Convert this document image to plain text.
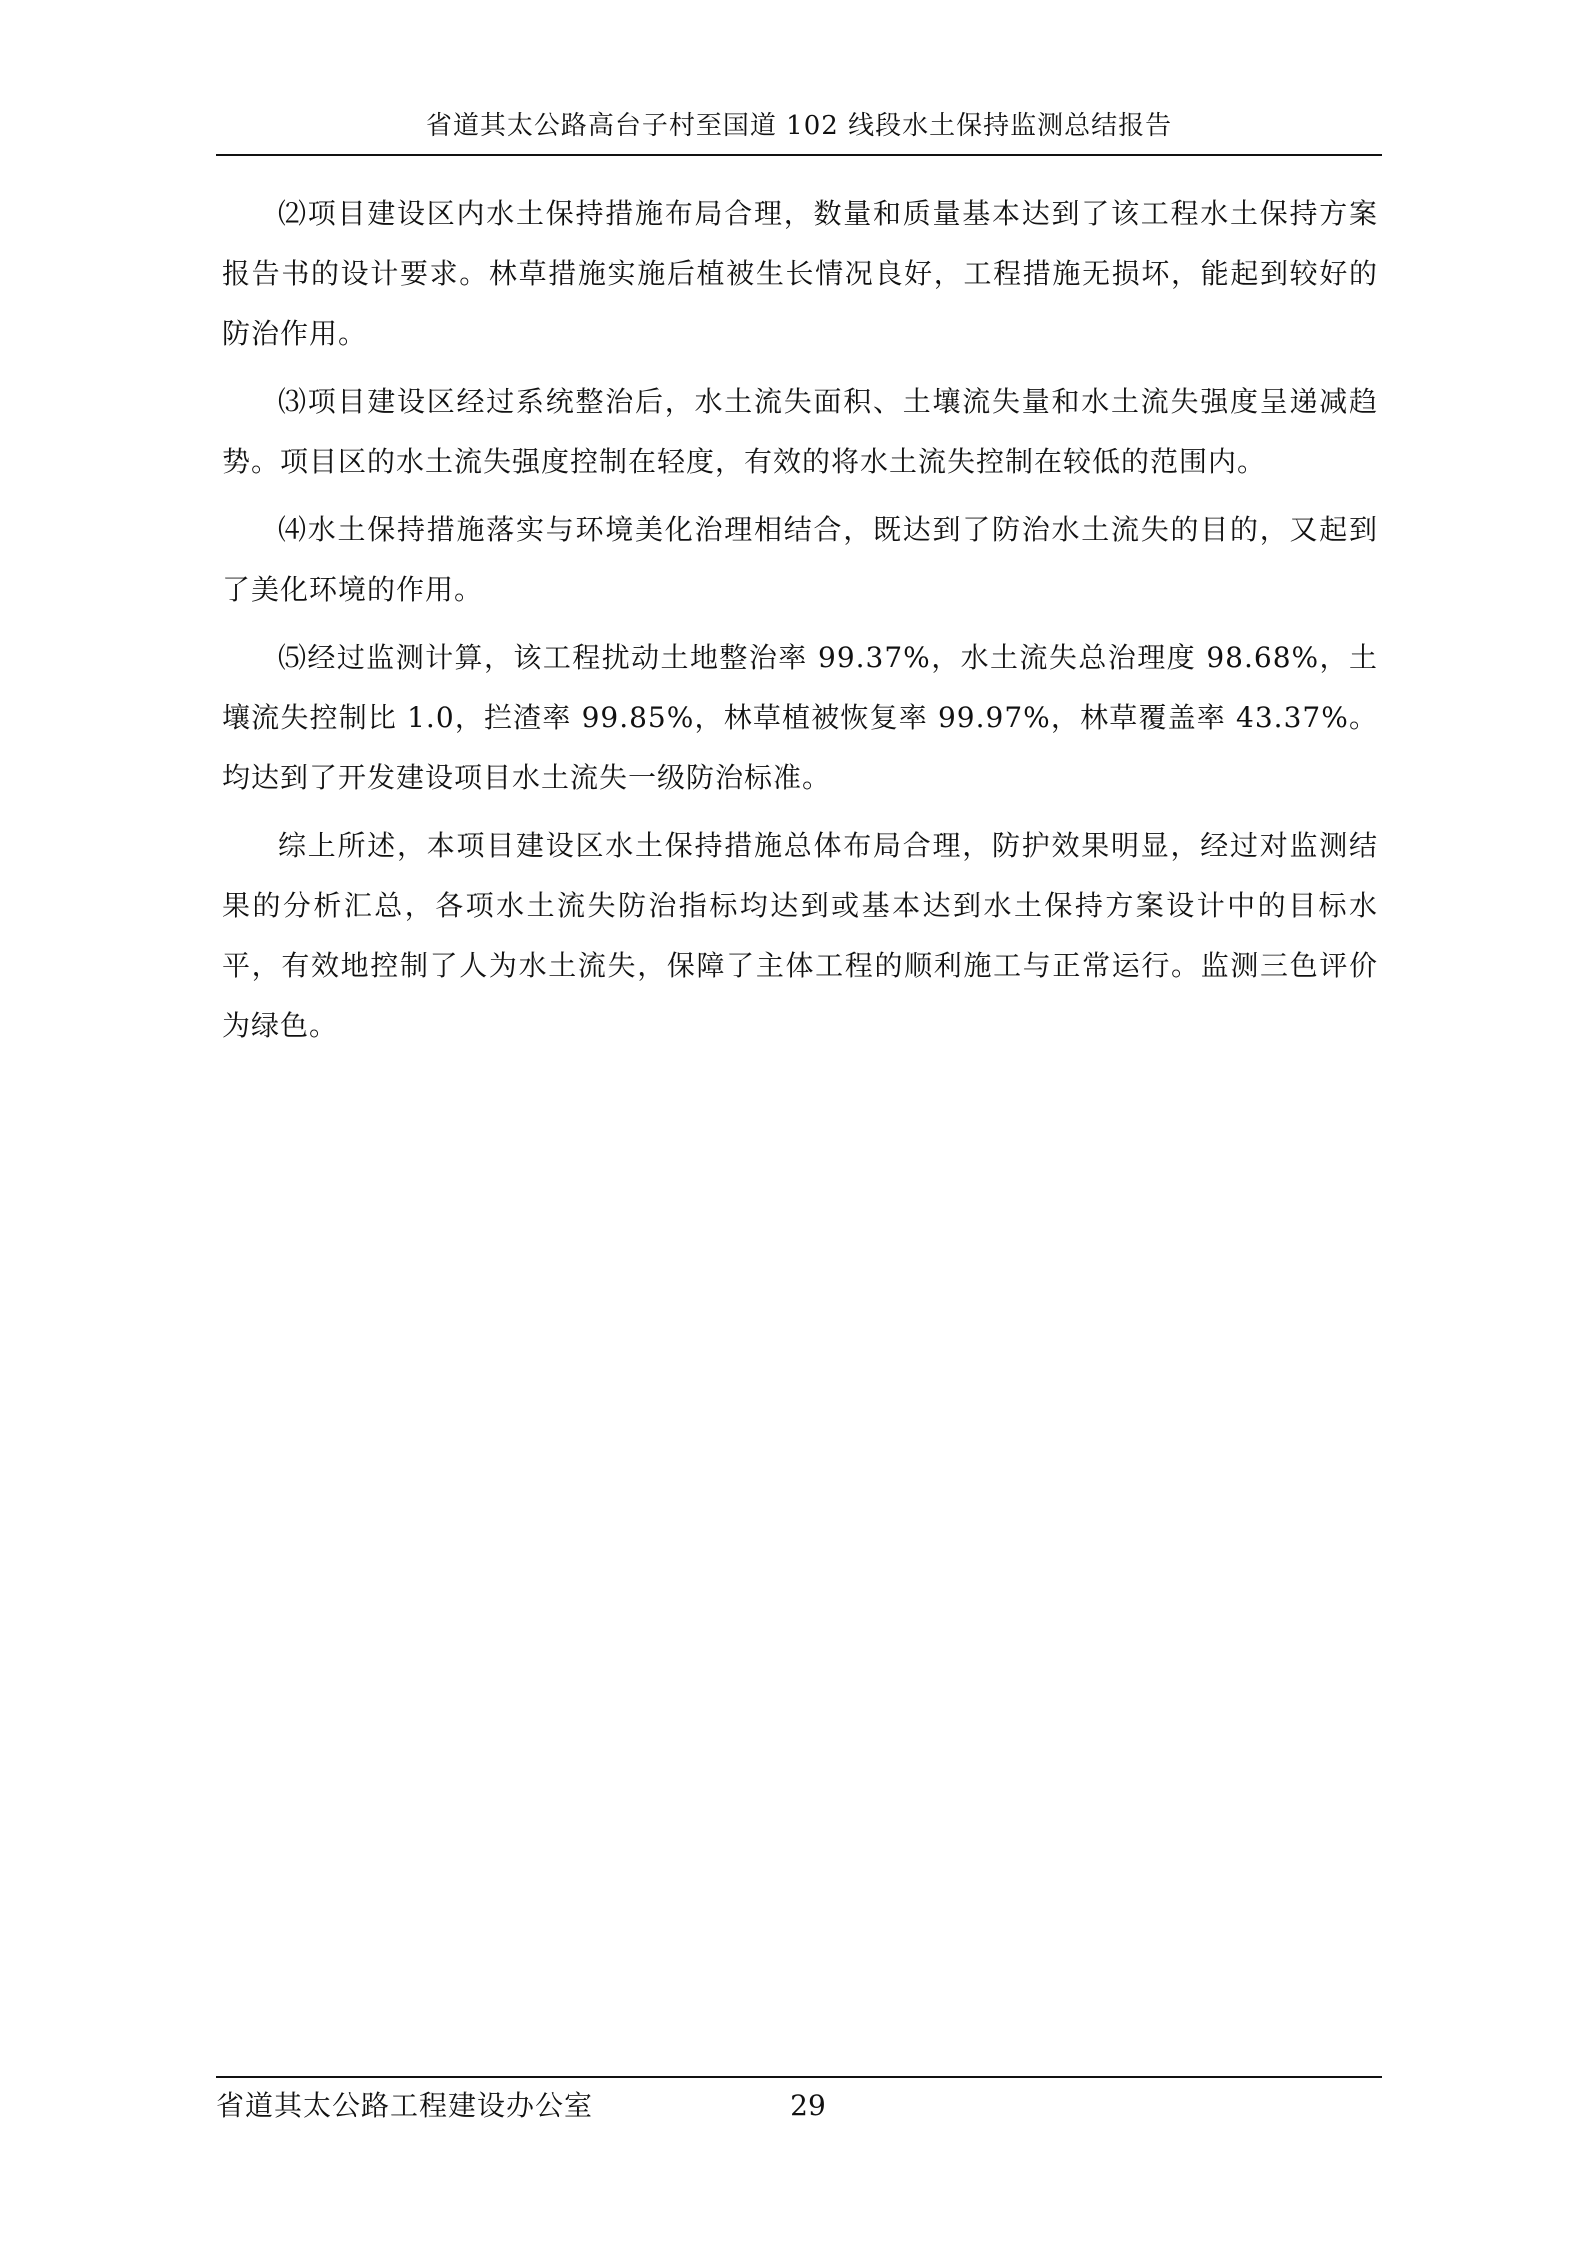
省道其太公路高台子村至国道 102 线段水土保持监测总结报告

⑵项目建设区内水土保持措施布局合理，数量和质量基本达到了该工程水土保持方案报告书的设计要求。林草措施实施后植被生长情况良好，工程措施无损坏，能起到较好的防治作用。

⑶项目建设区经过系统整治后，水土流失面积、土壤流失量和水土流失强度呈递减趋势。项目区的水土流失强度控制在轻度，有效的将水土流失控制在较低的范围内。

⑷水土保持措施落实与环境美化治理相结合，既达到了防治水土流失的目的，又起到了美化环境的作用。

⑸经过监测计算，该工程扰动土地整治率 99.37%，水土流失总治理度 98.68%，土壤流失控制比 1.0，拦渣率 99.85%，林草植被恢复率 99.97%，林草覆盖率 43.37%。均达到了开发建设项目水土流失一级防治标准。

综上所述，本项目建设区水土保持措施总体布局合理，防护效果明显，经过对监测结果的分析汇总，各项水土流失防治指标均达到或基本达到水土保持方案设计中的目标水平，有效地控制了人为水土流失，保障了主体工程的顺利施工与正常运行。监测三色评价为绿色。

省道其太公路工程建设办公室	29
